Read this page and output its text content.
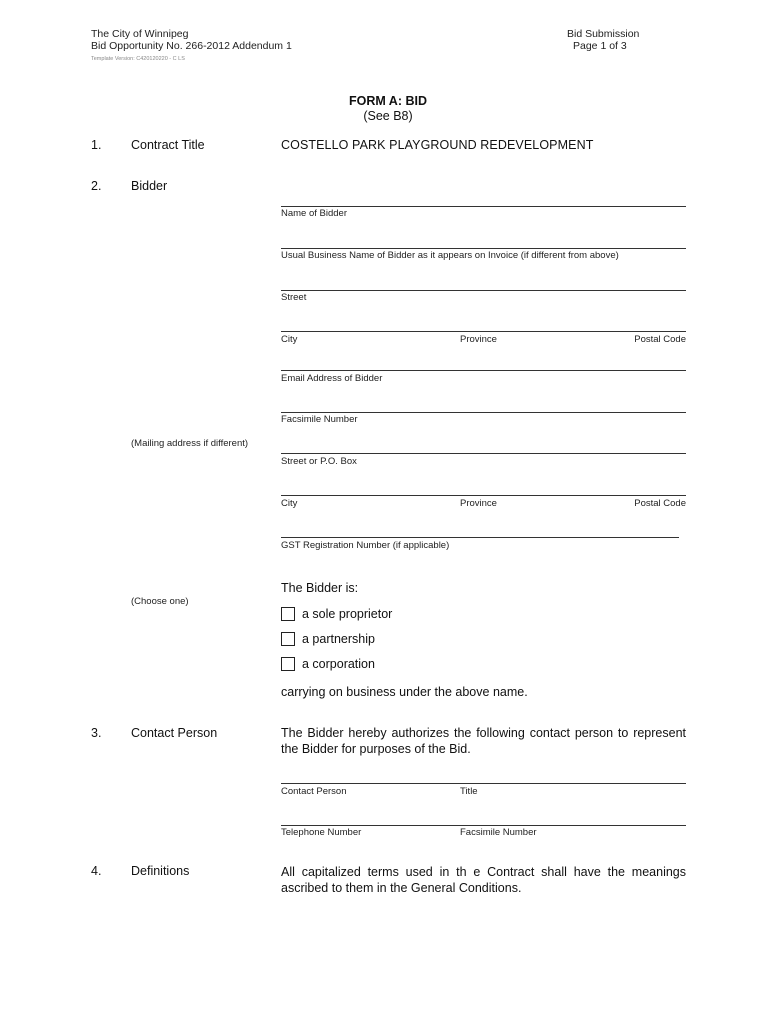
The City of Winnipeg
Bid Opportunity No. 266-2012 Addendum 1
Template Version: C420120220 - C LS
Bid Submission
Page 1 of 3
FORM A: BID
(See B8)
1. Contract Title	COSTELLO PARK PLAYGROUND REDEVELOPMENT
2. Bidder
Name of Bidder
Usual Business Name of Bidder as it appears on Invoice (if different from above)
Street
City	Province	Postal Code
Email Address of Bidder
Facsimile Number
(Mailing address if different)
Street or P.O. Box
City	Province	Postal Code
GST Registration Number (if applicable)
The Bidder is:
(Choose one)
a sole proprietor
a partnership
a corporation
carrying on business under the above name.
3. Contact Person	The Bidder hereby authorizes the following contact person to represent
the Bidder for purposes of the Bid.
Contact Person	Title
Telephone Number	Facsimile Number
4. Definitions	All capitalized terms used in th e Contract shall have the meanings
ascribed to them in the General Conditions.
